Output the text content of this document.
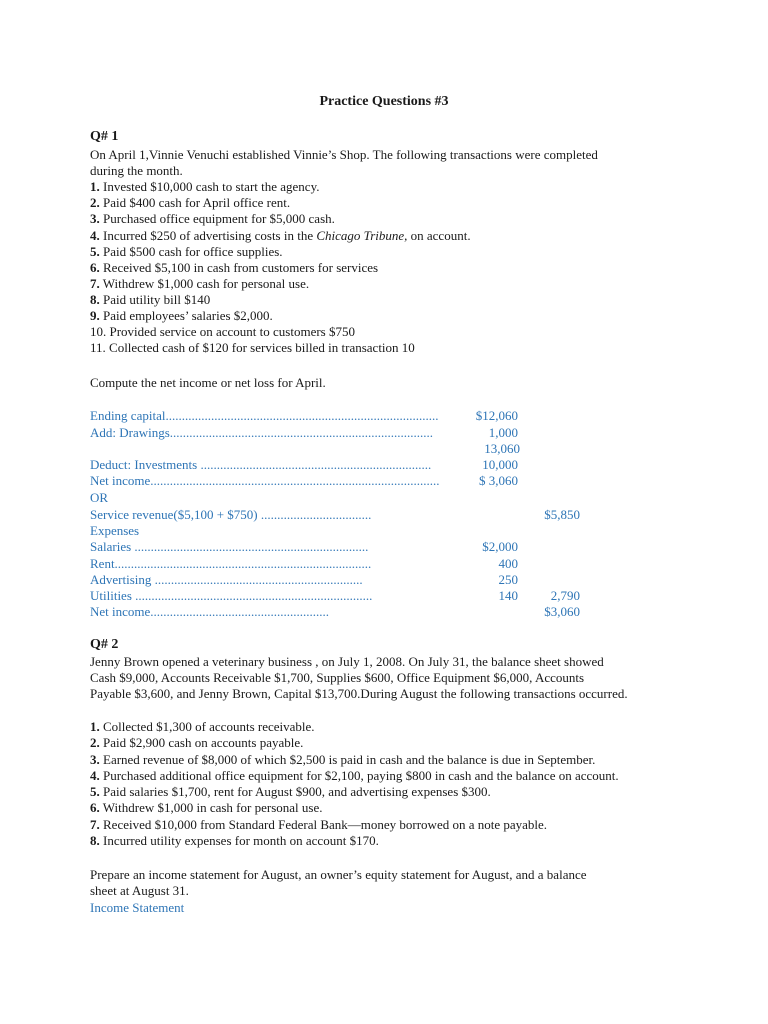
Practice Questions #3
Q# 1
On April 1,Vinnie Venuchi established Vinnie’s Shop. The following transactions were completed
during the month.
1. Invested $10,000 cash to start the agency.
2. Paid $400 cash for April office rent.
3. Purchased office equipment for $5,000 cash.
4. Incurred $250 of advertising costs in the Chicago Tribune, on account.
5. Paid $500 cash for office supplies.
6. Received $5,100 in cash from customers for services
7. Withdrew $1,000 cash for personal use.
8. Paid utility bill $140
9. Paid employees’ salaries $2,000.
10. Provided service on account to customers $750
11. Collected cash of $120 for services billed in transaction 10
Compute the net income or net loss for April.
Ending capital....................................................................................	$12,060
Add: Drawings.................................................................................	1,000
13,060
Deduct: Investments .......................................................................	10,000
Net income.........................................................................................	$ 3,060
OR
Service revenue($5,100 + $750) ..................................	$5,850
Expenses
Salaries ........................................................................	$2,000
Rent...............................................................................	400
Advertising ................................................................	250
Utilities .........................................................................	140	2,790
Net income.......................................................	$3,060
Q# 2
Jenny Brown opened a veterinary business , on July 1, 2008. On July 31, the balance sheet showed
Cash $9,000, Accounts Receivable $1,700, Supplies $600, Office Equipment $6,000, Accounts
Payable $3,600, and Jenny Brown, Capital $13,700.During August the following transactions occurred.
1. Collected $1,300 of accounts receivable.
2. Paid $2,900 cash on accounts payable.
3. Earned revenue of $8,000 of which $2,500 is paid in cash and the balance is due in September.
4. Purchased additional office equipment for $2,100, paying $800 in cash and the balance on account.
5. Paid salaries $1,700, rent for August $900, and advertising expenses $300.
6. Withdrew $1,000 in cash for personal use.
7. Received $10,000 from Standard Federal Bank—money borrowed on a note payable.
8. Incurred utility expenses for month on account $170.
Prepare an income statement for August, an owner’s equity statement for August, and a balance
sheet at August 31.
Income Statement
